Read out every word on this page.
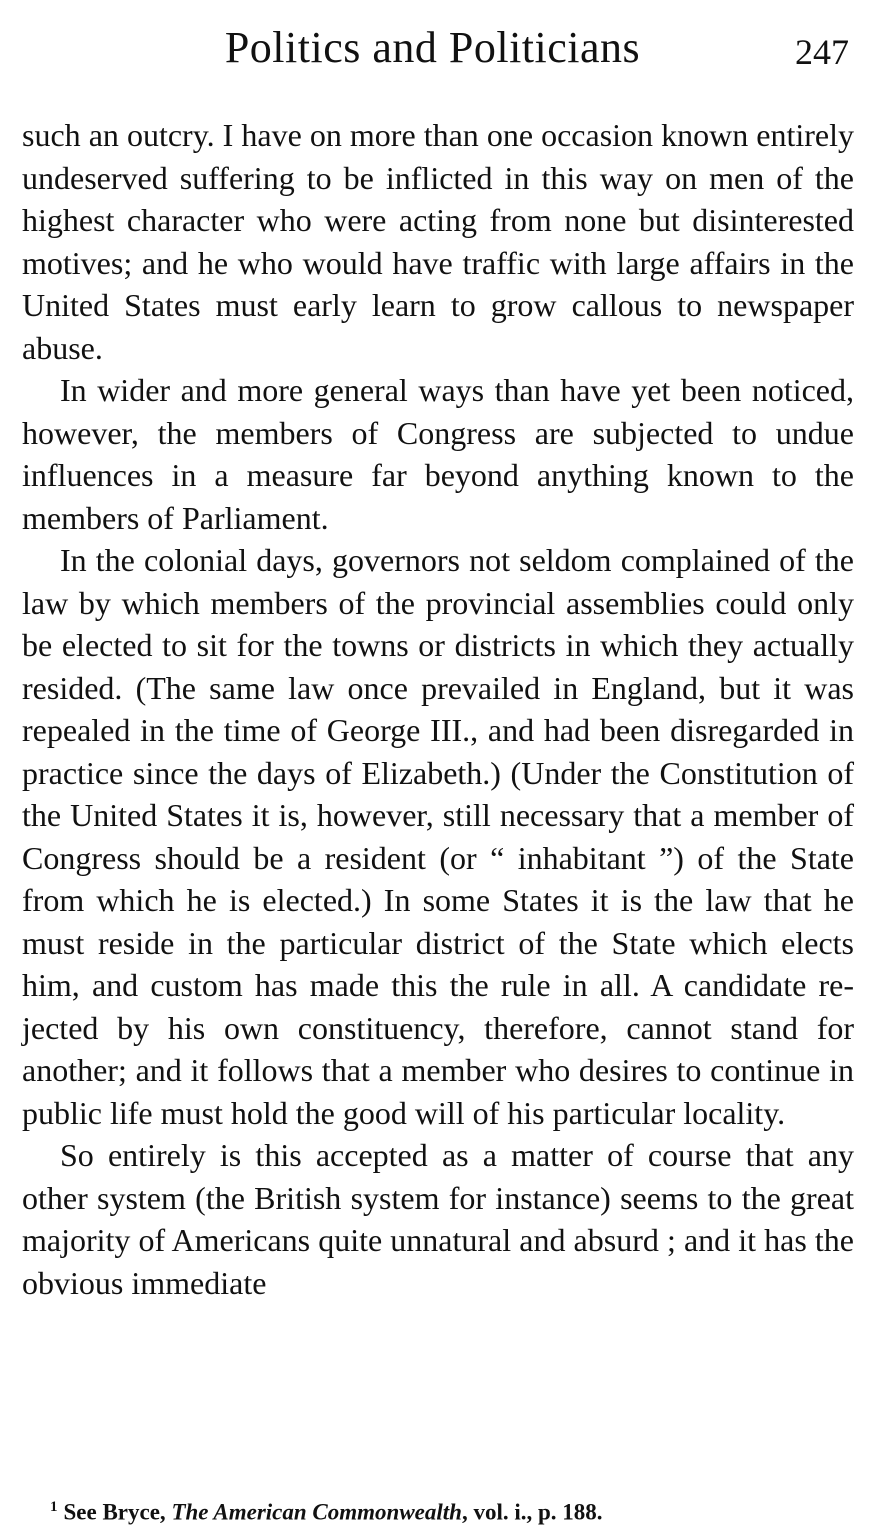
Politics and Politicians	247

such an outcry. I have on more than one occasion known entirely undeserved suffering to be inflicted in this way on men of the highest character who were acting from none but disinterested motives; and he who would have traffic with large affairs in the United States must early learn to grow callous to newspaper abuse.

In wider and more general ways than have yet been noticed, however, the members of Congress are subjected to undue influences in a measure far beyond anything known to the members of Parliament.

In the colonial days, governors not seldom complained of the law by which members of the provincial assemblies could only be elected to sit for the towns or districts in which they actually resided. (The same law once prevailed in England, but it was repealed in the time of George III., and had been disregarded in practice since the days of Elizabeth.) (Under the Constitution of the United States it is, however, still necessary that a member of Congress should be a resident (or “ inhabitant ”) of the State from which he is elected.) In some States it is the law that he must reside in the particular district of the State which elects him, and custom has made this the rule in all. A candidate rejected by his own constituency, therefore, cannot stand for another; and it follows that a member who desires to continue in public life must hold the good will of his particular locality.

So entirely is this accepted as a matter of course that any other system (the British system for instance) seems to the great majority of Americans quite unnatural and absurd ; and it has the obvious immediate

$^1$ See Bryce, The American Commonwealth, vol. i., p. 188.
